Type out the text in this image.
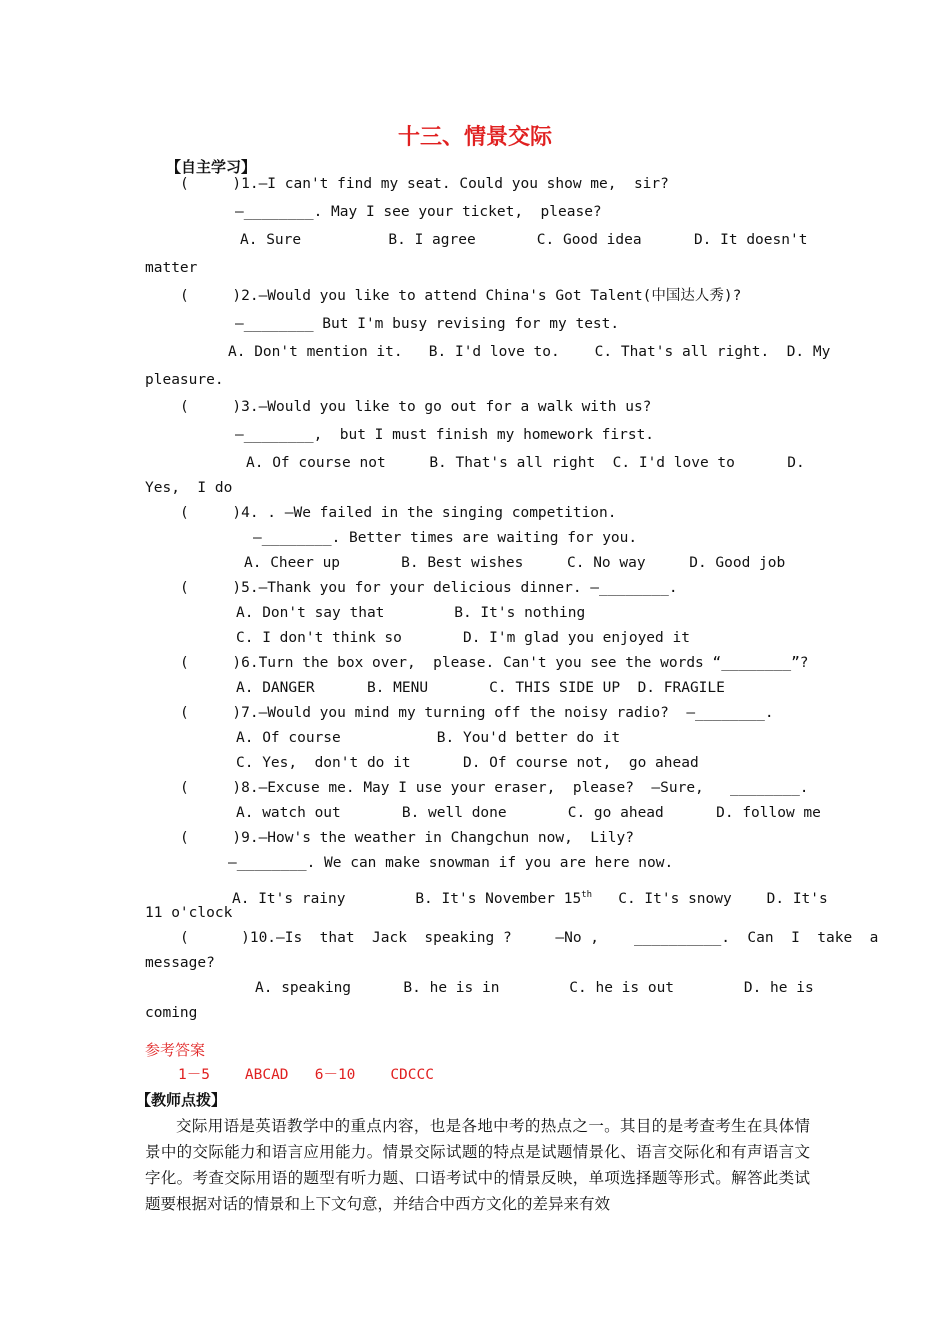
十三、情景交际
【自主学习】
(     )1.—I can't find my seat. Could you show me,  sir?
—________. May I see your ticket,  please?
A. Sure          B. I agree       C. Good idea      D. It doesn't
matter
(     )2.—Would you like to attend China's Got Talent(中国达人秀)?
—________ But I'm busy revising for my test.
A. Don't mention it.   B. I'd love to.    C. That's all right.  D. My
pleasure.
(     )3.—Would you like to go out for a walk with us?
—________,  but I must finish my homework first.
A. Of course not     B. That's all right  C. I'd love to      D.
Yes,  I do
(     )4. . —We failed in the singing competition.
—________. Better times are waiting for you.
A. Cheer up       B. Best wishes     C. No way     D. Good job
(     )5.—Thank you for your delicious dinner. —________.
A. Don't say that        B. It's nothing
C. I don't think so       D. I'm glad you enjoyed it
(     )6.Turn the box over,  please. Can't you see the words “________”?
A. DANGER      B. MENU       C. THIS SIDE UP  D. FRAGILE
(     )7.—Would you mind my turning off the noisy radio?  —________.
A. Of course           B. You'd better do it
C. Yes,  don't do it      D. Of course not,  go ahead
(     )8.—Excuse me. May I use your eraser,  please?  —Sure,   ________.
A. watch out       B. well done       C. go ahead      D. follow me
(     )9.—How's the weather in Changchun now,  Lily?
—________. We can make snowman if you are here now.
11 o'clock
(      )10.—Is  that  Jack  speaking ?     —No ,    __________.  Can  I  take  a
message?
A. speaking      B. he is in        C. he is out        D. he is
coming
A. It's rainy        B. It's November 15th   C. It's snowy    D. It's
参考答案
1－5    ABCAD   6－10    CDCCC
【教师点拨】
交际用语是英语教学中的重点内容，也是各地中考的热点之一。其目的是考查考生在具体情景中的交际能力和语言应用能力。情景交际试题的特点是试题情景化、语言交际化和有声语言文字化。考查交际用语的题型有听力题、口语考试中的情景反映，单项选择题等形式。解答此类试题要根据对话的情景和上下文句意，并结合中西方文化的差异来有效
